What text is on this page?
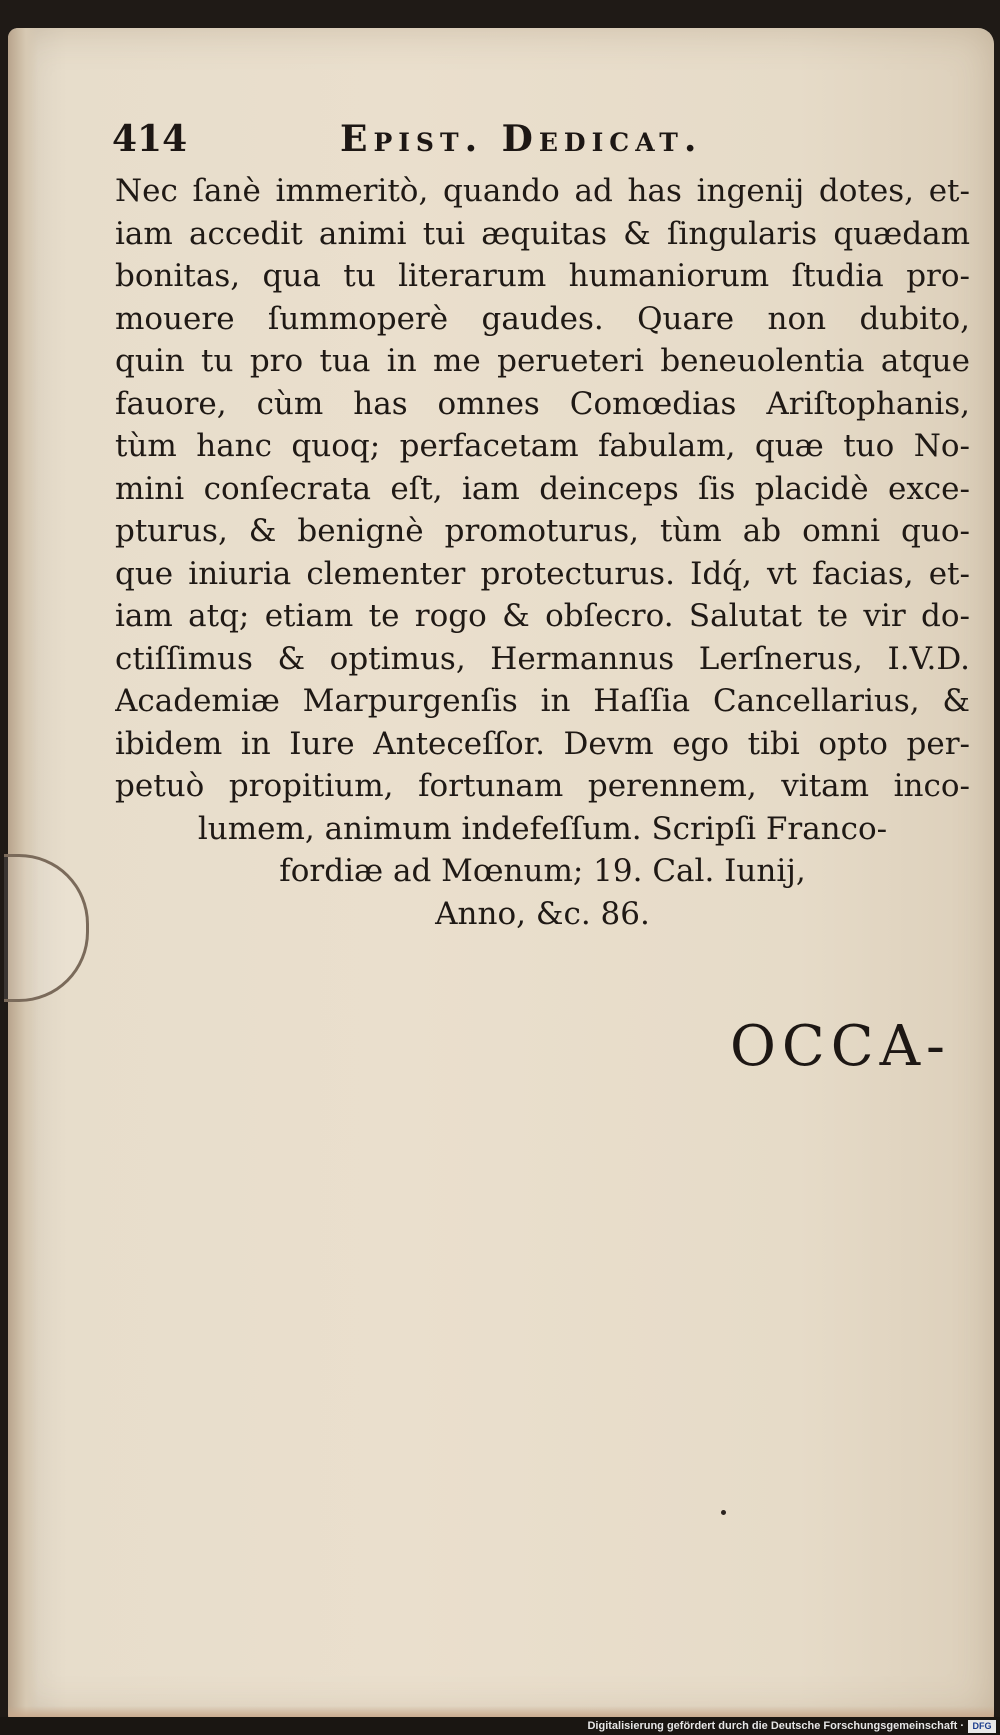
414	Epist. Dedicat.
Nec ſanè immeritò, quando ad has ingenij dotes, et-
iam accedit animi tui æquitas & ſingularis quædam
bonitas, qua tu literarum humaniorum ſtudia pro-
mouere ſummoperè gaudes. Quare non dubito,
quin tu pro tua in me perueteri beneuolentia atque
fauore, cùm has omnes Comœdias Ariſtophanis,
tùm hanc quoq; perfacetam fabulam, quæ tuo No-
mini conſecrata eſt, iam deinceps ſis placidè exce-
pturus, & benignè promoturus, tùm ab omni quo-
que iniuria clementer protecturus. Idq́, vt facias, et-
iam atq; etiam te rogo & obſecro. Salutat te vir do-
ctiſſimus & optimus, Hermannus Lerſnerus, I.V.D.
Academiæ Marpurgenſis in Haſſia Cancellarius, &
ibidem in Iure Anteceſſor. Devm ego tibi opto per-
petuò propitium, fortunam perennem, vitam inco-
lumem, animum indefeſſum. Scripſi Franco-
fordiæ ad Mœnum; 19. Cal. Iunij,
Anno, &c. 86.
OCCA-
Digitalisierung gefördert durch die Deutsche Forschungsgemeinschaft · DFG
